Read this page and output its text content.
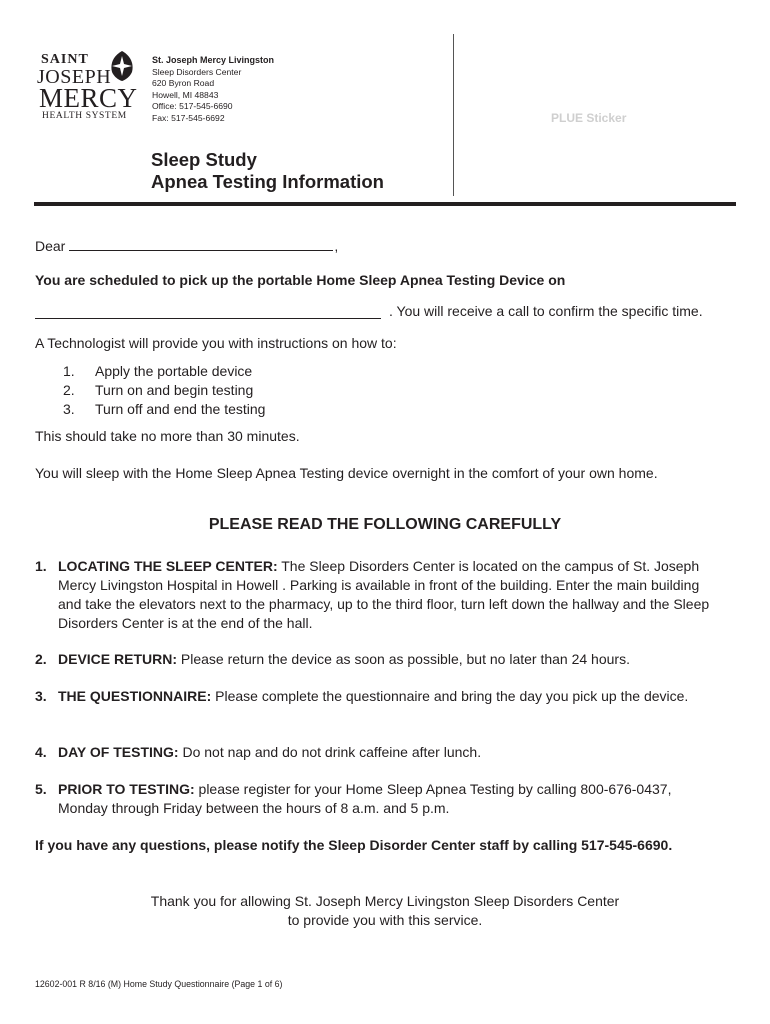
SAINT
JOSEPH
MERCY
HEALTH SYSTEM
St. Joseph Mercy Livingston
Sleep Disorders Center
620 Byron Road
Howell, MI 48843
Office: 517-545-6690
Fax: 517-545-6692	PLUE Sticker
Sleep Study
Apnea Testing Information
Dear	,
You are scheduled to pick up the portable Home Sleep Apnea Testing Device on
. You will receive a call to confirm the specific time.
A Technologist will provide you with instructions on how to:
1. Apply the portable device
2. Turn on and begin testing
3. Turn off and end the testing
This should take no more than 30 minutes.
You will sleep with the Home Sleep Apnea Testing device overnight in the comfort of your own home.
PLEASE READ THE FOLLOWING CAREFULLY
1. LOCATING THE SLEEP CENTER: The Sleep Disorders Center is located on the campus of St. Joseph Mercy Livingston Hospital in Howell . Parking is available in front of the building. Enter the main building and take the elevators next to the pharmacy, up to the third floor, turn left down the hallway and the Sleep Disorders Center is at the end of the hall.
2. DEVICE RETURN: Please return the device as soon as possible, but no later than 24 hours.
3. THE QUESTIONNAIRE: Please complete the questionnaire and bring the day you pick up the device.
4. DAY OF TESTING: Do not nap and do not drink caffeine after lunch.
5. PRIOR TO TESTING: please register for your Home Sleep Apnea Testing by calling 800-676-0437, Monday through Friday between the hours of 8 a.m. and 5 p.m.
If you have any questions, please notify the Sleep Disorder Center staff by calling 517-545-6690.
Thank you for allowing St. Joseph Mercy Livingston Sleep Disorders Center
to provide you with this service.
12602-001 R 8/16 (M) Home Study Questionnaire (Page 1 of 6)
